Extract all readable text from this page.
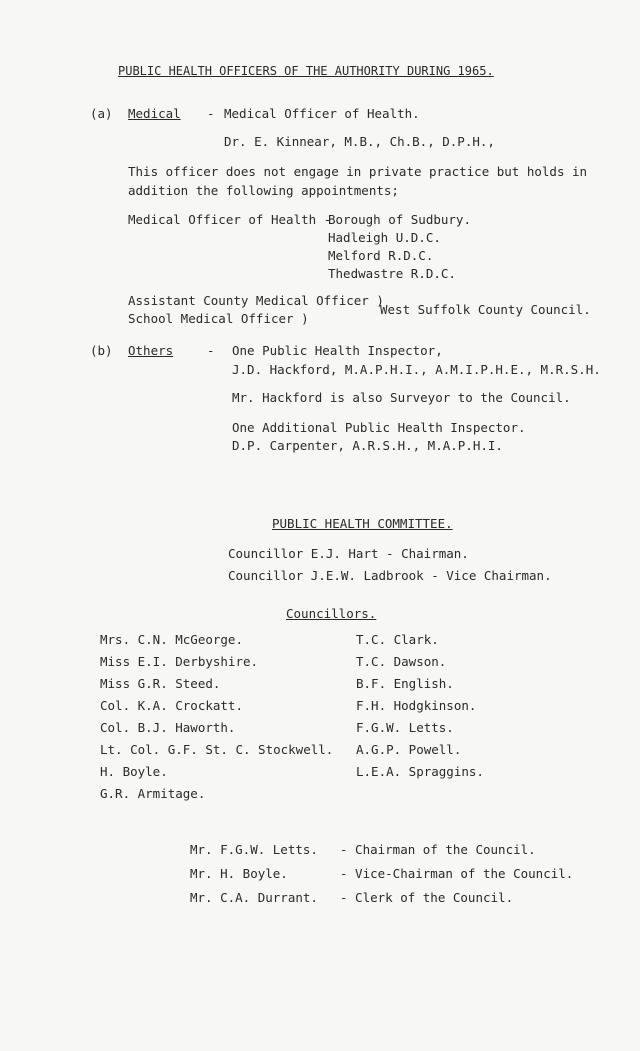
PUBLIC HEALTH OFFICERS OF THE AUTHORITY DURING 1965.
(a) Medical - Medical Officer of Health.
Dr. E. Kinnear, M.B., Ch.B., D.P.H.,
This officer does not engage in private practice but holds in
addition the following appointments;
Medical Officer of Health -
Borough of Sudbury.
Hadleigh U.D.C.
Melford R.D.C.
Thedwastre R.D.C.
Assistant County Medical Officer )
School Medical Officer )
West Suffolk County Council.
(b) Others	- One Public Health Inspector,
J.D. Hackford, M.A.P.H.I., A.M.I.P.H.E., M.R.S.H.
Mr. Hackford is also Surveyor to the Council.
One Additional Public Health Inspector.
D.P. Carpenter, A.R.S.H., M.A.P.H.I.
PUBLIC HEALTH COMMITTEE.
Councillor E.J. Hart - Chairman.
Councillor J.E.W. Ladbrook - Vice Chairman.
Councillors.
Mrs. C.N. McGeorge.
Miss E.I. Derbyshire.
Miss G.R. Steed.
Col. K.A. Crockatt.
Col. B.J. Haworth.
Lt. Col. G.F. St. C. Stockwell.
H. Boyle.
G.R. Armitage.
T.C. Clark.
T.C. Dawson.
B.F. English.
F.H. Hodgkinson.
F.G.W. Letts.
A.G.P. Powell.
L.E.A. Spraggins.
Mr. F.G.W. Letts. - Chairman of the Council.
Mr. H. Boyle.	- Vice-Chairman of the Council.
Mr. C.A. Durrant. - Clerk of the Council.
